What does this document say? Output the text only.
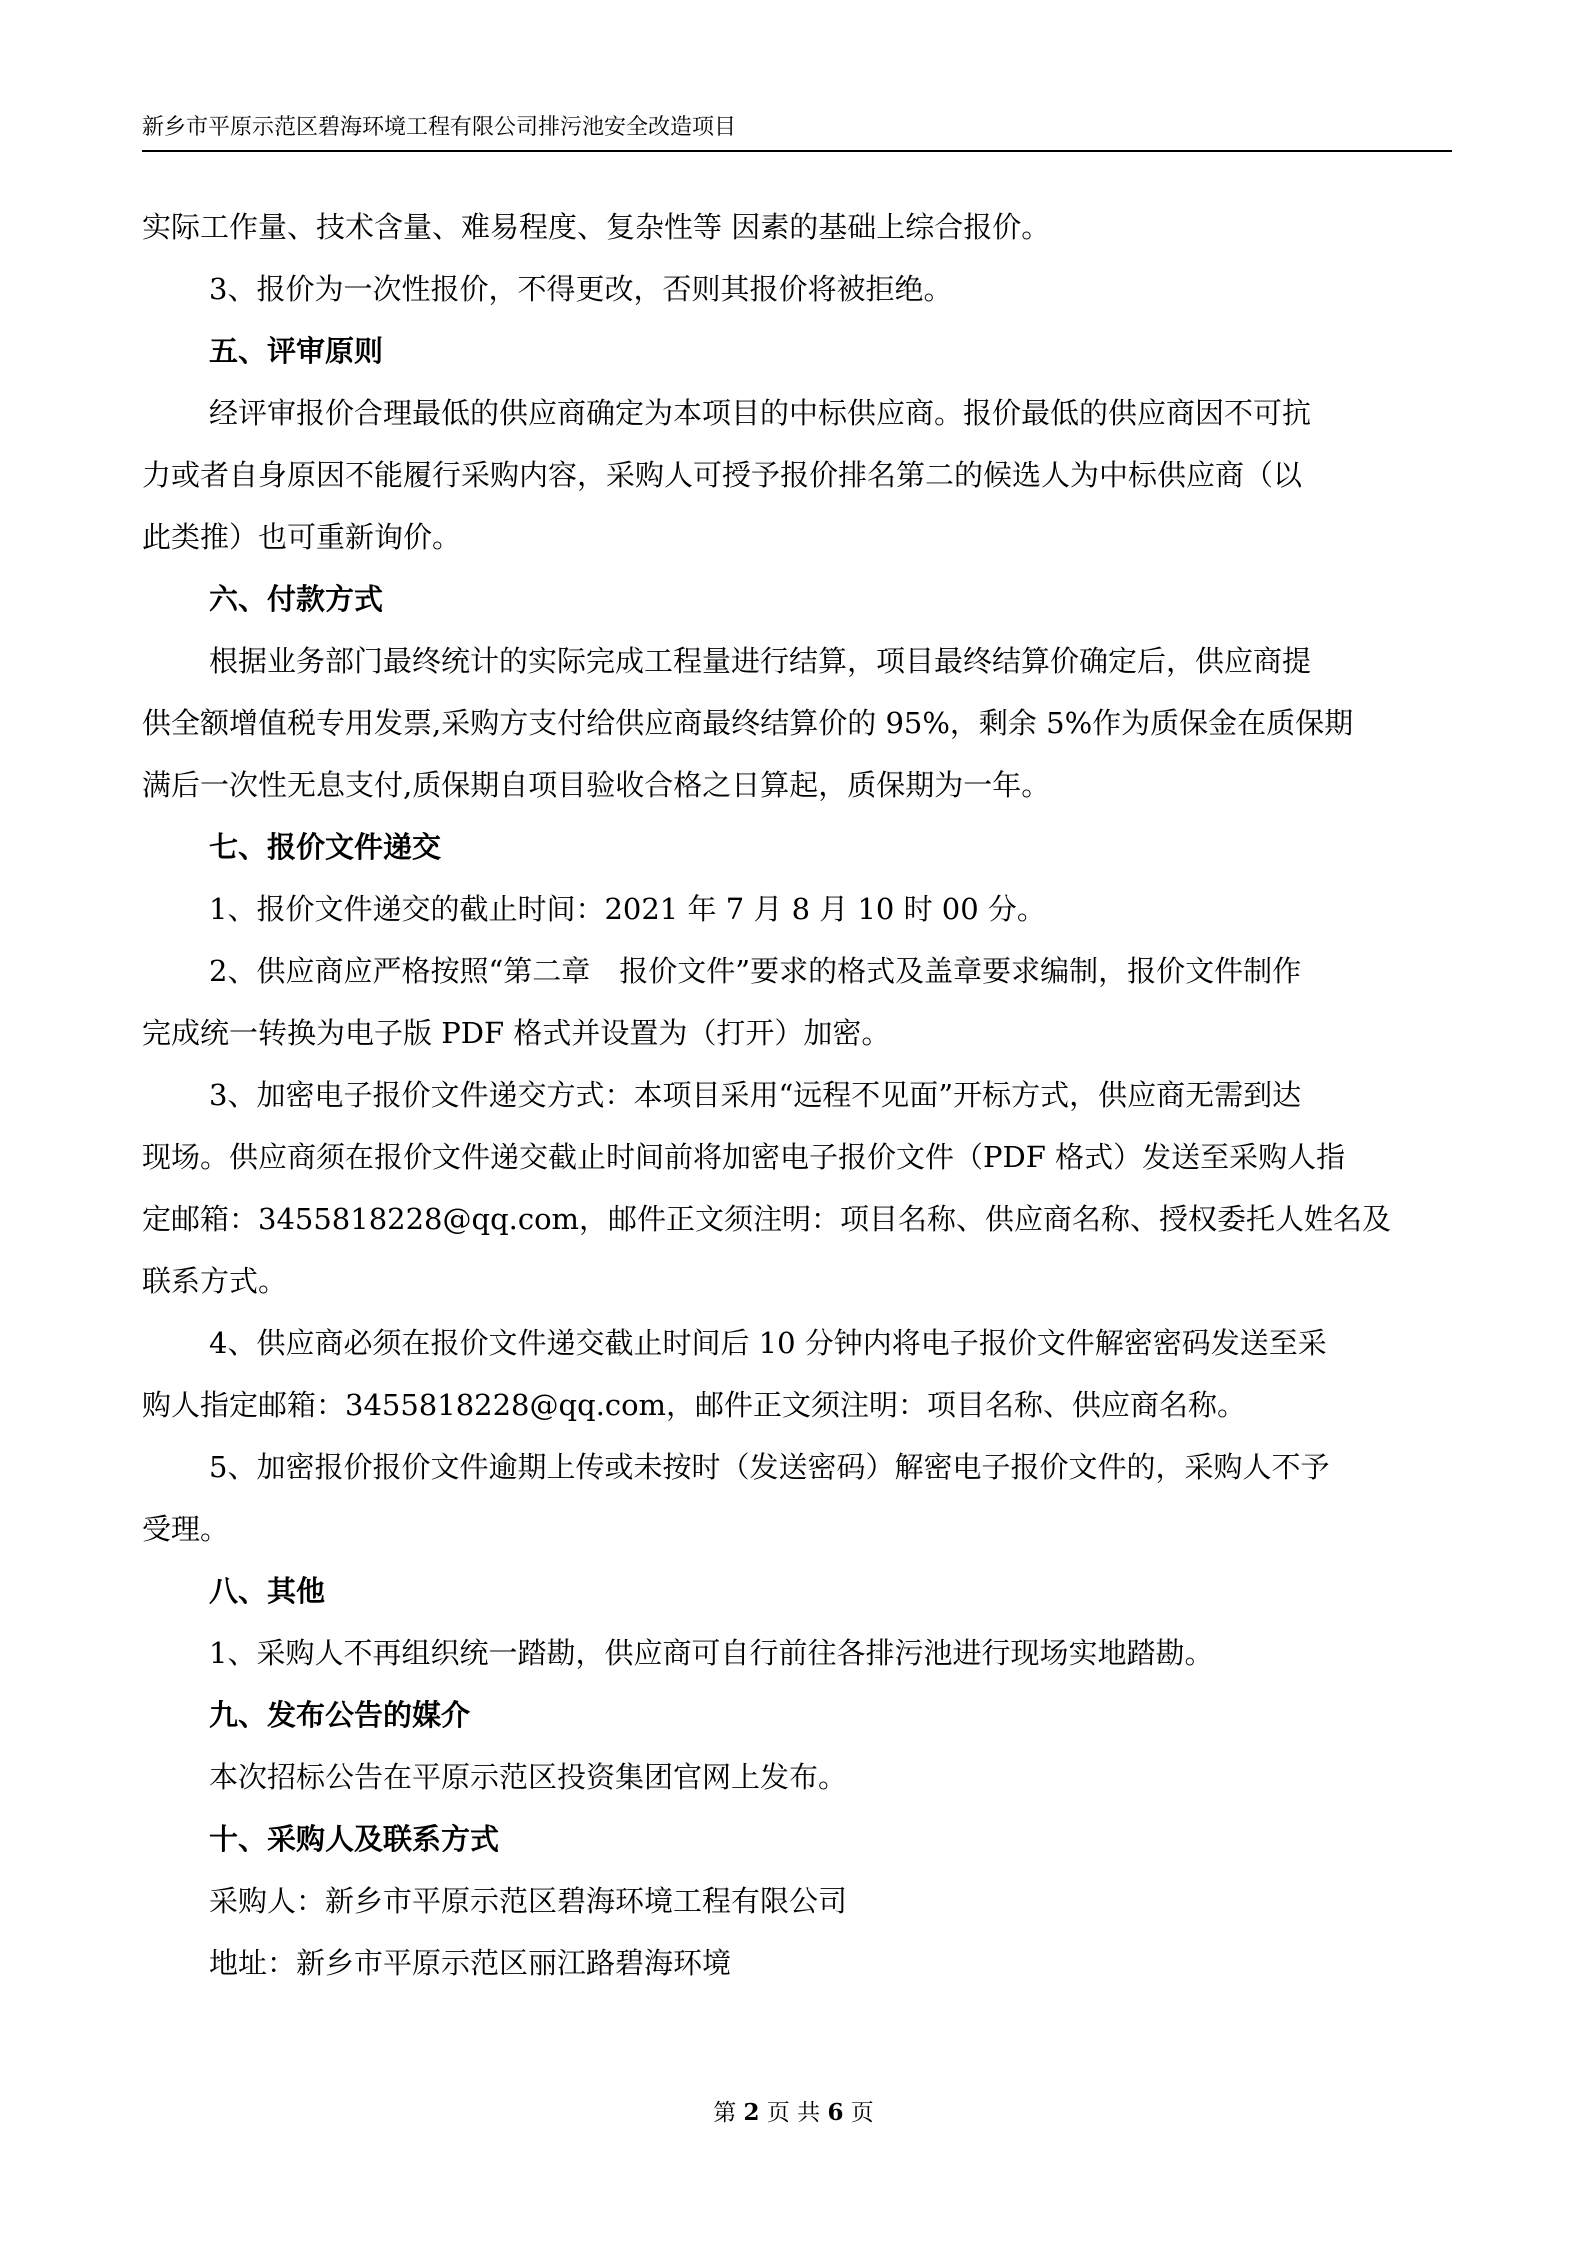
新乡市平原示范区碧海环境工程有限公司排污池安全改造项目

实际工作量、技术含量、难易程度、复杂性等 因素的基础上综合报价。

3、报价为一次性报价，不得更改，否则其报价将被拒绝。

五、评审原则

经评审报价合理最低的供应商确定为本项目的中标供应商。报价最低的供应商因不可抗

力或者自身原因不能履行采购内容，采购人可授予报价排名第二的候选人为中标供应商（以

此类推）也可重新询价。

六、付款方式

根据业务部门最终统计的实际完成工程量进行结算，项目最终结算价确定后，供应商提

供全额增值税专用发票,采购方支付给供应商最终结算价的 95%，剩余 5%作为质保金在质保期

满后一次性无息支付,质保期自项目验收合格之日算起，质保期为一年。

七、报价文件递交

1、报价文件递交的截止时间：2021 年 7 月 8 月 10 时 00 分。

2、供应商应严格按照“第二章　报价文件”要求的格式及盖章要求编制，报价文件制作

完成统一转换为电子版 PDF 格式并设置为（打开）加密。

3、加密电子报价文件递交方式：本项目采用“远程不见面”开标方式，供应商无需到达

现场。供应商须在报价文件递交截止时间前将加密电子报价文件（PDF 格式）发送至采购人指

定邮箱：3455818228@qq.com，邮件正文须注明：项目名称、供应商名称、授权委托人姓名及

联系方式。

4、供应商必须在报价文件递交截止时间后 10 分钟内将电子报价文件解密密码发送至采

购人指定邮箱：3455818228@qq.com，邮件正文须注明：项目名称、供应商名称。

5、加密报价报价文件逾期上传或未按时（发送密码）解密电子报价文件的，采购人不予

受理。

八、其他

1、采购人不再组织统一踏勘，供应商可自行前往各排污池进行现场实地踏勘。

九、发布公告的媒介

本次招标公告在平原示范区投资集团官网上发布。

十、采购人及联系方式

采购人：新乡市平原示范区碧海环境工程有限公司

地址：新乡市平原示范区丽江路碧海环境

第 2 页 共 6 页
